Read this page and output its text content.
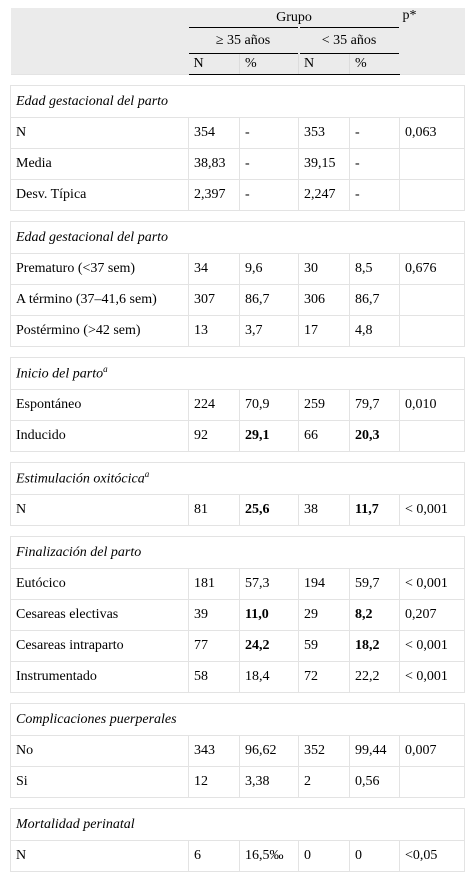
	Grupo				p*
	≥ 35 años		< 35 años		
	N	%	N	%	

Edad gestacional del parto					
N	354	-	353	-	0,063
Media	38,83	-	39,15	-	
Desv. Típica	2,397	-	2,247	-	

Edad gestacional del parto					
Prematuro (<37 sem)	34	9,6	30	8,5	0,676
A término (37–41,6 sem)	307	86,7	306	86,7	
Postérmino (>42 sem)	13	3,7	17	4,8	

Inicio del parto$^a$
Espontáneo	224	70,9	259	79,7	0,010
Inducido	92	29,1	66	20,3	

Estimulación oxitócica$^a$
N	81	25,6	38	11,7	< 0,001

Finalización del parto					
Eutócico	181	57,3	194	59,7	< 0,001
Cesareas electivas	39	11,0	29	8,2	0,207
Cesareas intraparto	77	24,2	59	18,2	< 0,001
Instrumentado	58	18,4	72	22,2	< 0,001

Complicaciones puerperales					
No	343	96,62	352	99,44	0,007
Si	12	3,38	2	0,56	

Mortalidad perinatal					
N	6	16,5‰	0	0	<0,05
